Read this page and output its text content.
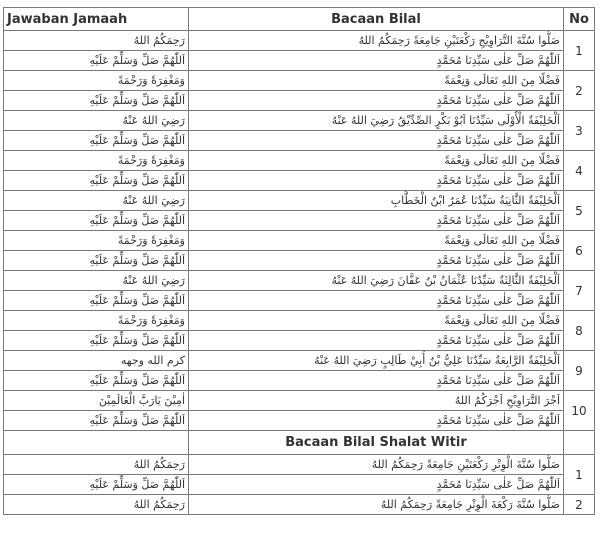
Jawaban Jamaah	Bacaan Bilal	No
رَحِمَكُمُ اللهُ	صَلُّوا سُنَّةَ التَّرَاوِيْحِ رَكْعَتَيْنِ جَامِعَةً رَحِمَكُمُ اللهُ	1
اَللّٰهُمَّ صَلِّ وَسَلِّمْ عَلَيْهِ	اَللّٰهُمَّ صَلِّ عَلٰى سَيِّدِنَا مُحَمَّدٍ	
وَمَغْفِرَةً وَرَحْمَةً	فَضْلًا مِنَ اللهِ تَعَالَى وَنِعْمَةً	2
اَللّٰهُمَّ صَلِّ وَسَلِّمْ عَلَيْهِ	اَللّٰهُمَّ صَلِّ عَلٰى سَيِّدِنَا مُحَمَّدٍ	
رَضِيَ اللهُ عَنْهُ	اَلْخَلِيْفَةُ الْأُوْلَى سَيِّدُنَا اَبُوْ بَكْرٍ الصِّدِّيْقُ رَضِيَ اللهُ عَنْهُ	3
اَللّٰهُمَّ صَلِّ وَسَلِّمْ عَلَيْهِ	اَللّٰهُمَّ صَلِّ عَلٰى سَيِّدِنَا مُحَمَّدٍ	
وَمَغْفِرَةً وَرَحْمَةً	فَضْلًا مِنَ اللهِ تَعَالَى وَنِعْمَةً	4
اَللّٰهُمَّ صَلِّ وَسَلِّمْ عَلَيْهِ	اَللّٰهُمَّ صَلِّ عَلٰى سَيِّدِنَا مُحَمَّدٍ	
رَضِيَ اللهُ عَنْهُ	اَلْخَلِيْفَةُ الثَّانِيَةُ سَيِّدُنَا عُمَرُ ابْنُ الْخَطَّابِ	5
اَللّٰهُمَّ صَلِّ وَسَلِّمْ عَلَيْهِ	اَللّٰهُمَّ صَلِّ عَلٰى سَيِّدِنَا مُحَمَّدٍ	
وَمَغْفِرَةً وَرَحْمَةً	فَضْلًا مِنَ اللهِ تَعَالَى وَنِعْمَةً	6
اَللّٰهُمَّ صَلِّ وَسَلِّمْ عَلَيْهِ	اَللّٰهُمَّ صَلِّ عَلٰى سَيِّدِنَا مُحَمَّدٍ	
رَضِيَ اللهُ عَنْهُ	اَلْخَلِيْفَةُ الثَّالِثَةُ سَيِّدُنَا عُثْمَانُ بْنُ عَفَّانَ رَضِيَ اللهُ عَنْهُ	7
اَللّٰهُمَّ صَلِّ وَسَلِّمْ عَلَيْهِ	اَللّٰهُمَّ صَلِّ عَلٰى سَيِّدِنَا مُحَمَّدٍ	
وَمَغْفِرَةً وَرَحْمَةً	فَضْلًا مِنَ اللهِ تَعَالَى وَنِعْمَةً	8
اَللّٰهُمَّ صَلِّ وَسَلِّمْ عَلَيْهِ	اَللّٰهُمَّ صَلِّ عَلٰى سَيِّدِنَا مُحَمَّدٍ	
كرم الله وجهه	اَلْخَلِيْفَةُ الرَّابِعَةُ سَيِّدُنَا عَلِيُّ بْنُ أَبِيْ طَالِبٍ رَضِيَ اللهُ عَنْهُ	9
اَللّٰهُمَّ صَلِّ وَسَلِّمْ عَلَيْهِ	اَللّٰهُمَّ صَلِّ عَلٰى سَيِّدِنَا مُحَمَّدٍ	
اٰمِيْنَ يَارَبَّ الْعَالَمِيْنَ	اَجْرَ التَّرَاوِيْحِ اَجْرَكُمُ اللهُ	10
اَللّٰهُمَّ صَلِّ وَسَلِّمْ عَلَيْهِ	اَللّٰهُمَّ صَلِّ عَلٰى سَيِّدِنَا مُحَمَّدٍ	
	Bacaan Bilal Shalat Witir	
رَحِمَكُمُ اللهُ	صَلُّوا سُنَّةَ الْوِتْرِ رَكْعَتَيْنِ جَامِعَةً رَحِمَكُمُ اللهُ	1
اَللّٰهُمَّ صَلِّ وَسَلِّمْ عَلَيْهِ	اَللّٰهُمَّ صَلِّ عَلٰى سَيِّدِنَا مُحَمَّدٍ	
رَحِمَكُمُ اللهُ	صَلُّوا سُنَّةَ رَكْعَةَ الْوِتْرِ جَامِعَةً رَحِمَكُمُ اللهُ	2
